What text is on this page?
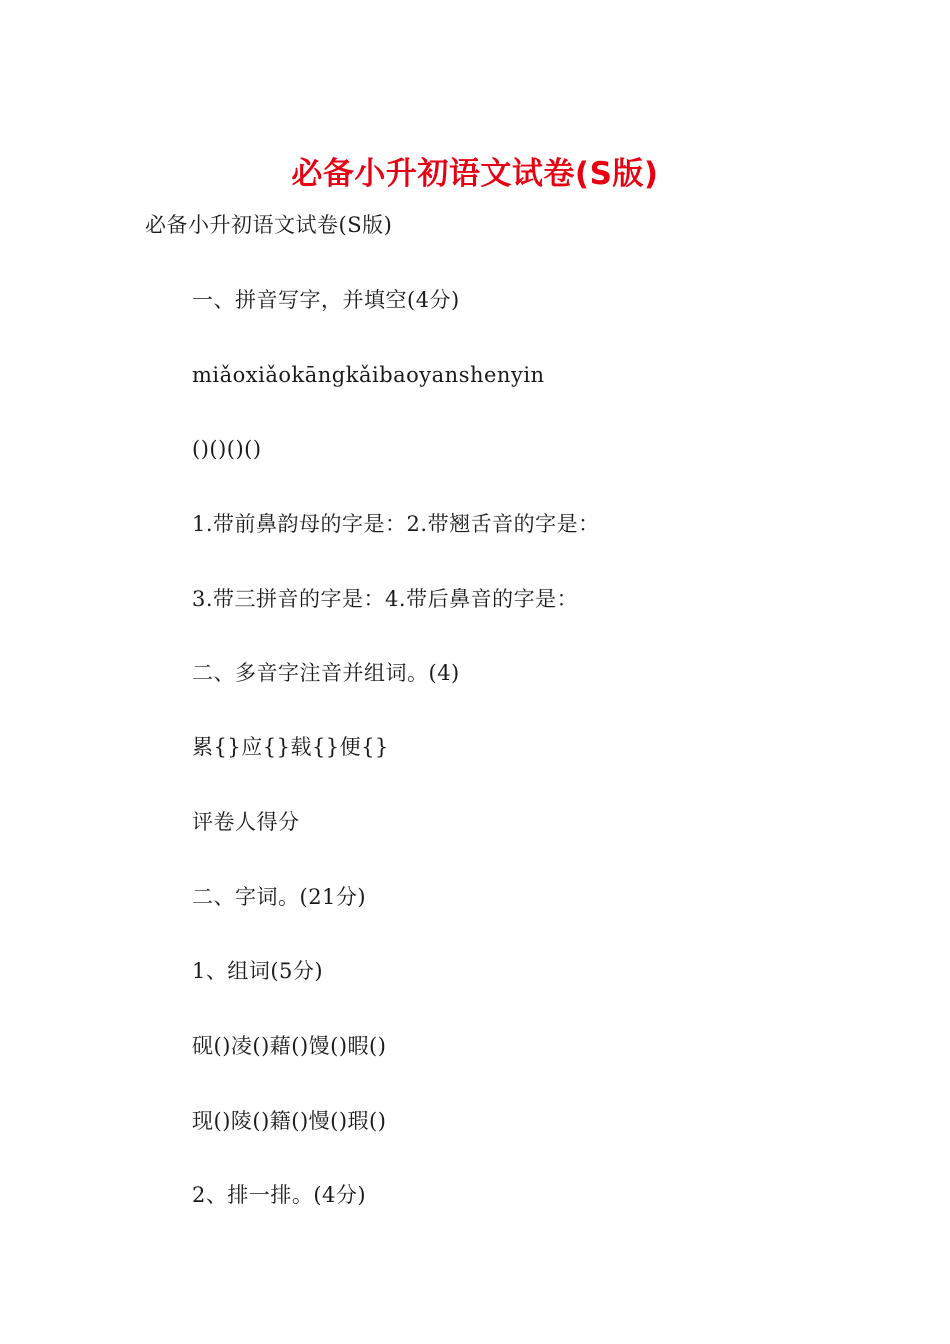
必备小升初语文试卷(S版)
必备小升初语文试卷(S版)
一、拼音写字，并填空(4分)
miǎoxiǎokāngkǎibaoyanshenyin
()()()()
1.带前鼻韵母的字是：2.带翘舌音的字是：
3.带三拼音的字是：4.带后鼻音的字是：
二、多音字注音并组词。(4)
累{}应{}载{}便{}
评卷人得分
二、字词。(21分)
1、组词(5分)
砚()凌()藉()馒()暇()
现()陵()籍()慢()瑕()
2、排一排。(4分)
